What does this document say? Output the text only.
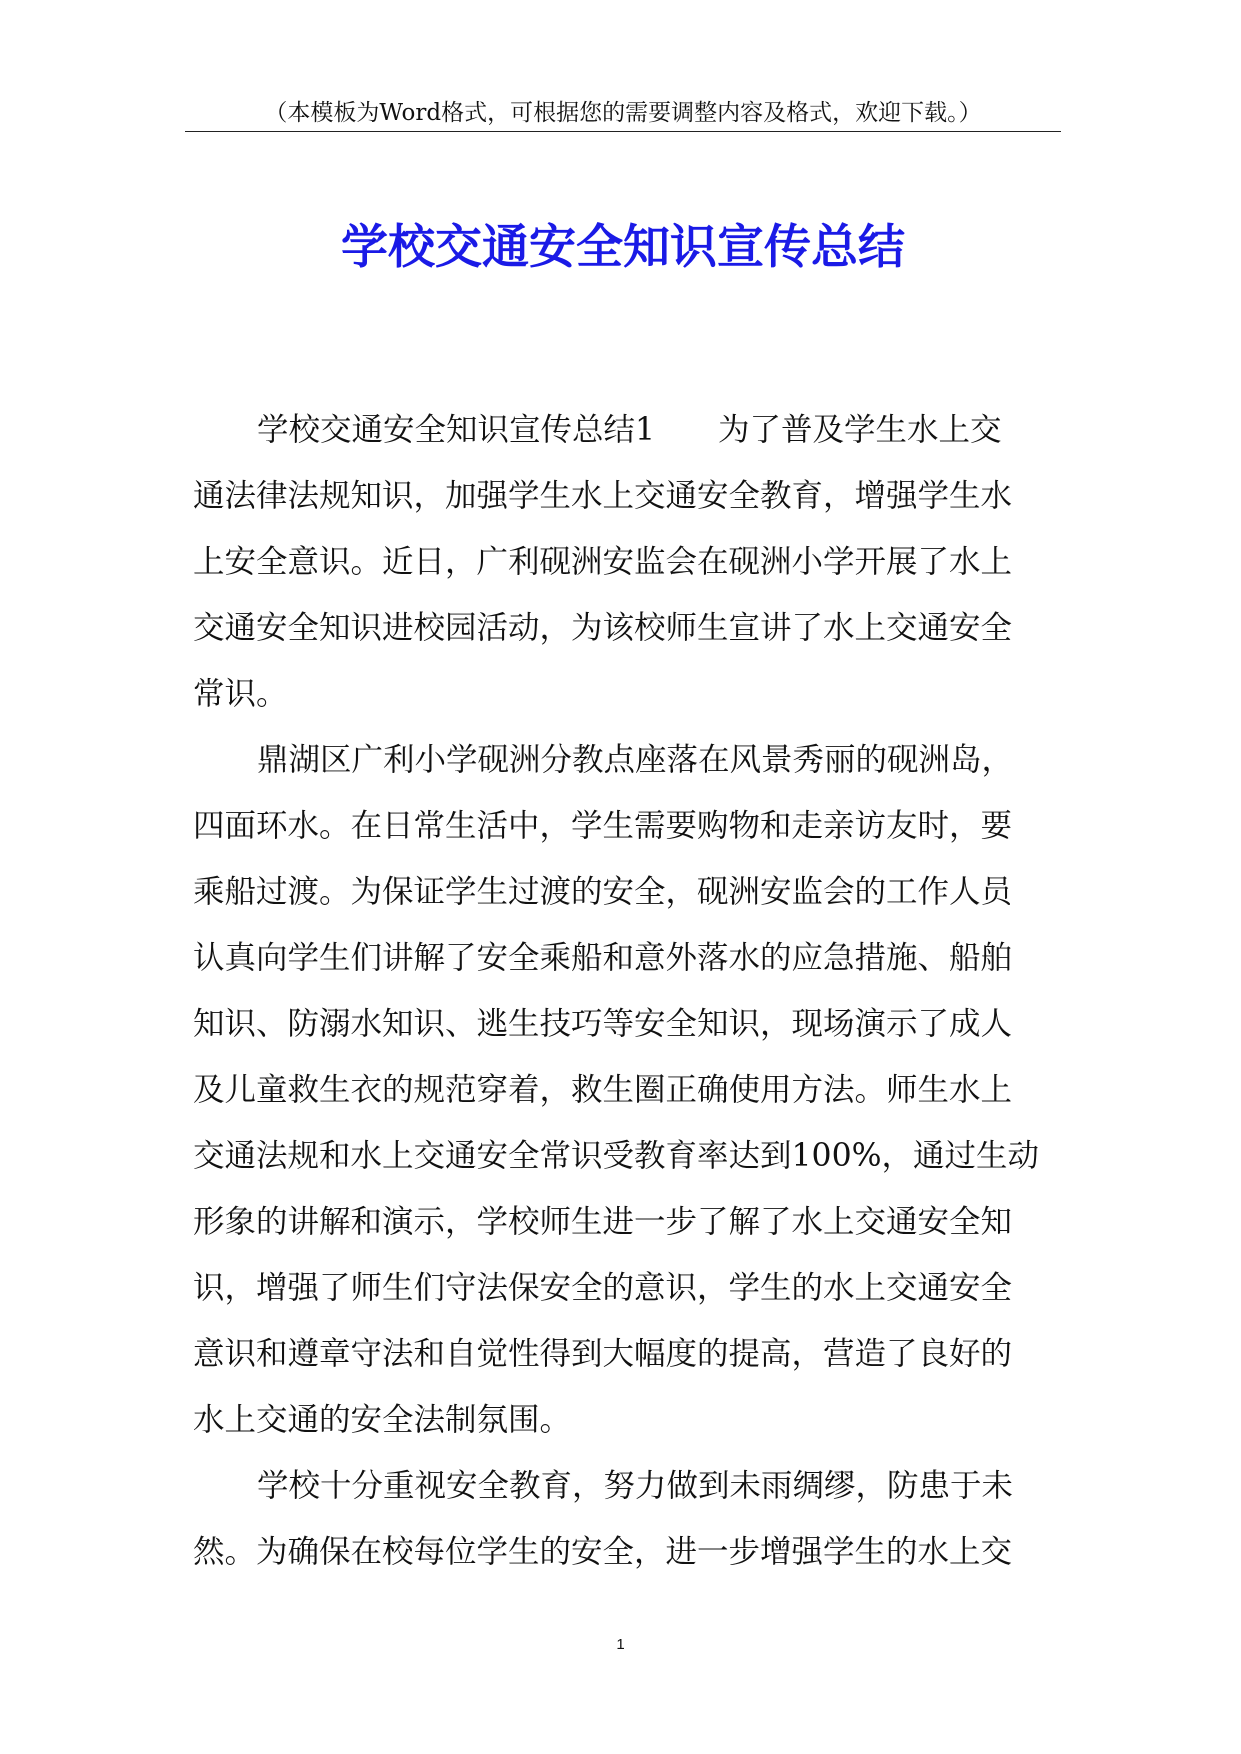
（本模板为Word格式，可根据您的需要调整内容及格式，欢迎下载。）
学校交通安全知识宣传总结
学校交通安全知识宣传总结1　　为了普及学生水上交
通法律法规知识，加强学生水上交通安全教育，增强学生水
上安全意识。近日，广利砚洲安监会在砚洲小学开展了水上
交通安全知识进校园活动，为该校师生宣讲了水上交通安全
常识。
鼎湖区广利小学砚洲分教点座落在风景秀丽的砚洲岛，
四面环水。在日常生活中，学生需要购物和走亲访友时，要
乘船过渡。为保证学生过渡的安全，砚洲安监会的工作人员
认真向学生们讲解了安全乘船和意外落水的应急措施、船舶
知识、防溺水知识、逃生技巧等安全知识，现场演示了成人
及儿童救生衣的规范穿着，救生圈正确使用方法。师生水上
交通法规和水上交通安全常识受教育率达到100%，通过生动
形象的讲解和演示，学校师生进一步了解了水上交通安全知
识，增强了师生们守法保安全的意识，学生的水上交通安全
意识和遵章守法和自觉性得到大幅度的提高，营造了良好的
水上交通的安全法制氛围。
学校十分重视安全教育，努力做到未雨绸缪，防患于未
然。为确保在校每位学生的安全，进一步增强学生的水上交
1
